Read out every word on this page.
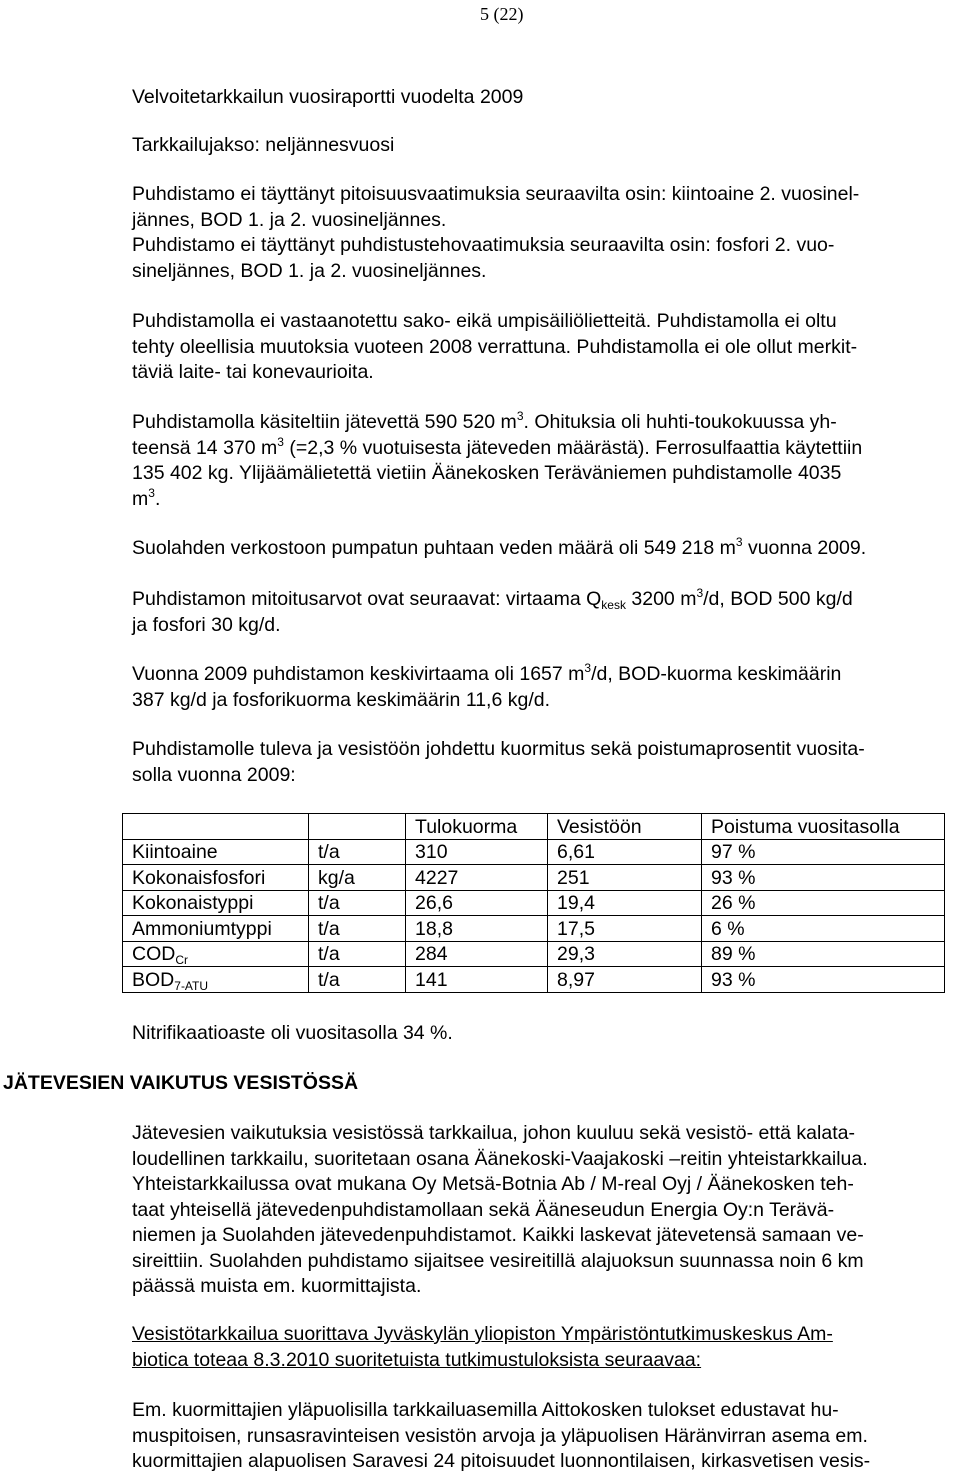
5 (22)
Velvoitetarkkailun vuosiraportti vuodelta 2009
Tarkkailujakso: neljännesvuosi
Puhdistamo ei täyttänyt pitoisuusvaatimuksia seuraavilta osin: kiintoaine 2. vuosinel-
jännes, BOD 1. ja 2. vuosineljännes.
Puhdistamo ei täyttänyt puhdistustehovaatimuksia seuraavilta osin: fosfori 2. vuo-
sineljännes, BOD 1. ja 2. vuosineljännes.
Puhdistamolla ei vastaanotettu sako- eikä umpisäiliölietteitä. Puhdistamolla ei oltu
tehty oleellisia muutoksia vuoteen 2008 verrattuna. Puhdistamolla ei ole ollut merkit-
täviä laite- tai konevaurioita.
Puhdistamolla käsiteltiin jätevettä 590 520 $m^3$. Ohituksia oli huhti-toukokuussa yh-
teensä 14 370 $m^3$ (=2,3 % vuotuisesta jäteveden määrästä). Ferrosulfaattia käytettiin
135 402 kg. Ylijäämälietettä vietiin Äänekosken Teräväniemen puhdistamolle 4035
$m^3$.
Suolahden verkostoon pumpatun puhtaan veden määrä oli 549 218 $m^3$ vuonna 2009.
Puhdistamon mitoitusarvot ovat seuraavat: virtaama $Q_{kesk}$ 3200 $m^3/d$, BOD 500 kg/d
ja fosfori 30 kg/d.
Vuonna 2009 puhdistamon keskivirtaama oli 1657 $m^3/d$, BOD-kuorma keskimäärin
387 kg/d ja fosforikuorma keskimäärin 11,6 kg/d.
Puhdistamolle tuleva ja vesistöön johdettu kuormitus sekä poistumaprosentit vuosita-
solla vuonna 2009:
		Tulokuorma	Vesistöön	Poistuma vuositasolla
Kiintoaine	t/a	310	6,61	97 %
Kokonaisfosfori	kg/a	4227	251	93 %
Kokonaistyppi	t/a	26,6	19,4	26 %
Ammoniumtyppi	t/a	18,8	17,5	6 %
$COD_{Cr}$	t/a	284	29,3	89 %
$BOD_{7-ATU}$	t/a	141	8,97	93 %
Nitrifikaatioaste oli vuositasolla 34 %.
JÄTEVESIEN VAIKUTUS VESISTÖSSÄ
Jätevesien vaikutuksia vesistössä tarkkailua, johon kuuluu sekä vesistö- että kalata-
loudellinen tarkkailu, suoritetaan osana Äänekoski-Vaajakoski –reitin yhteistarkkailua.
Yhteistarkkailussa ovat mukana Oy Metsä-Botnia Ab / M-real Oyj / Äänekosken teh-
taat yhteisellä jätevedenpuhdistamollaan sekä Ääneseudun Energia Oy:n Terävä-
niemen ja Suolahden jätevedenpuhdistamot. Kaikki laskevat jätevetensä samaan ve-
sireittiin. Suolahden puhdistamo sijaitsee vesireitillä alajuoksun suunnassa noin 6 km
päässä muista em. kuormittajista.
Vesistötarkkailua suorittava Jyväskylän yliopiston Ympäristöntutkimuskeskus Am-
biotica toteaa 8.3.2010 suoritetuista tutkimustuloksista seuraavaa:
Em. kuormittajien yläpuolisilla tarkkailuasemilla Aittokosken tulokset edustavat hu-
muspitoisen, runsasravinteisen vesistön arvoja ja yläpuolisen Häränvirran asema em.
kuormittajien alapuolisen Saravesi 24 pitoisuudet luonnontilaisen, kirkasvetisen vesis-
